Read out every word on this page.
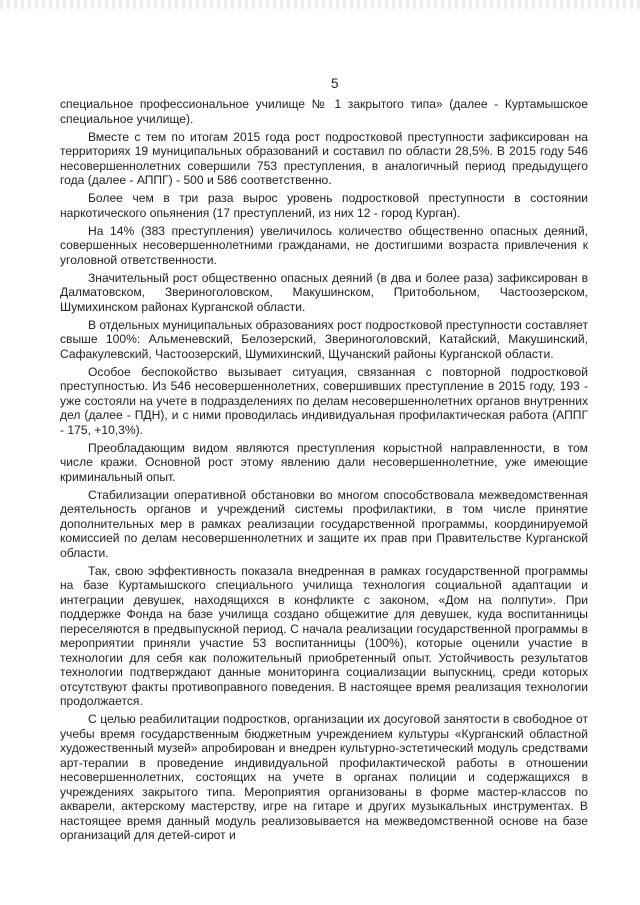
5

специальное профессиональное училище № 1 закрытого типа» (далее - Куртамышское специальное училище).

Вместе с тем по итогам 2015 года рост подростковой преступности зафиксирован на территориях 19 муниципальных образований и составил по области 28,5%. В 2015 году 546 несовершеннолетних совершили 753 преступления, в аналогичный период предыдущего года (далее - АППГ) - 500 и 586 соответственно.

Более чем в три раза вырос уровень подростковой преступности в состоянии наркотического опьянения (17 преступлений, из них 12 - город Курган).

На 14% (383 преступления) увеличилось количество общественно опасных деяний, совершенных несовершеннолетними гражданами, не достигшими возраста привлечения к уголовной ответственности.

Значительный рост общественно опасных деяний (в два и более раза) зафиксирован в Далматовском, Звериноголовском, Макушинском, Притобольном, Частоозерском, Шумихинском районах Курганской области.

В отдельных муниципальных образованиях рост подростковой преступности составляет свыше 100%: Альменевский, Белозерский, Звериноголовский, Катайский, Макушинский, Сафакулевский, Частоозерский, Шумихинский, Щучанский районы Курганской области.

Особое беспокойство вызывает ситуация, связанная с повторной подростковой преступностью. Из 546 несовершеннолетних, совершивших преступление в 2015 году, 193 - уже состояли на учете в подразделениях по делам несовершеннолетних органов внутренних дел (далее - ПДН), и с ними проводилась индивидуальная профилактическая работа (АППГ - 175, +10,3%).

Преобладающим видом являются преступления корыстной направленности, в том числе кражи. Основной рост этому явлению дали несовершеннолетние, уже имеющие криминальный опыт.

Стабилизации оперативной обстановки во многом способствовала межведомственная деятельность органов и учреждений системы профилактики, в том числе принятие дополнительных мер в рамках реализации государственной программы, координируемой комиссией по делам несовершеннолетних и защите их прав при Правительстве Курганской области.

Так, свою эффективность показала внедренная в рамках государственной программы на базе Куртамышского специального училища технология социальной адаптации и интеграции девушек, находящихся в конфликте с законом, «Дом на полпути». При поддержке Фонда на базе училища создано общежитие для девушек, куда воспитанницы переселяются в предвыпускной период. С начала реализации государственной программы в мероприятии приняли участие 53 воспитанницы (100%), которые оценили участие в технологии для себя как положительный приобретенный опыт. Устойчивость результатов технологии подтверждают данные мониторинга социализации выпускниц, среди которых отсутствуют факты противоправного поведения. В настоящее время реализация технологии продолжается.

С целью реабилитации подростков, организации их досуговой занятости в свободное от учебы время государственным бюджетным учреждением культуры «Курганский областной художественный музей» апробирован и внедрен культурно-эстетический модуль средствами арт-терапии в проведение индивидуальной профилактической работы в отношении несовершеннолетних, состоящих на учете в органах полиции и содержащихся в учреждениях закрытого типа. Мероприятия организованы в форме мастер-классов по акварели, актерскому мастерству, игре на гитаре и других музыкальных инструментах. В настоящее время данный модуль реализовывается на межведомственной основе на базе организаций для детей-сирот и
